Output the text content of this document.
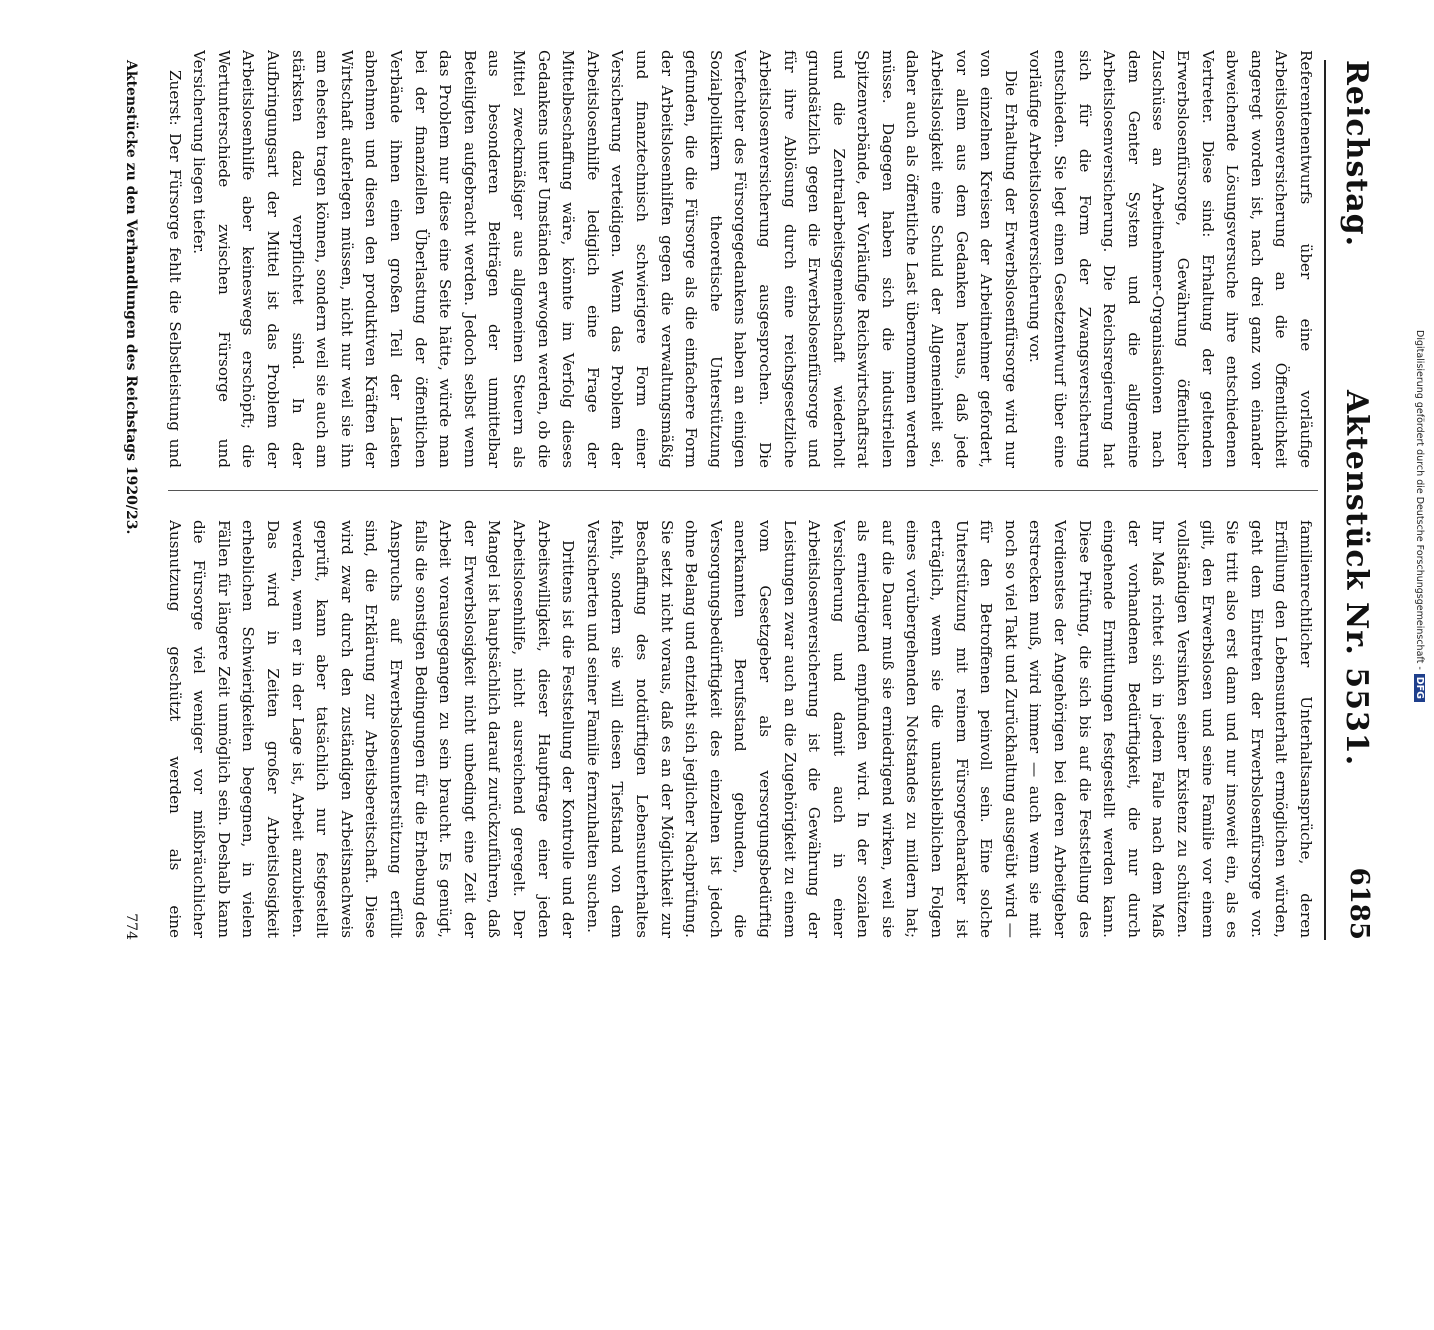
Reichstag.
Aktenstück Nr. 5531.
6185

Referentenentwurfs über eine vorläufige Arbeitslosenversicherung an die Öffentlichkeit angeregt worden ist, nach drei ganz von einander abweichende Lösungsversuche ihre entschiedenen Vertreter. Diese sind: Erhaltung der geltenden Erwerbslosenfürsorge, Gewährung öffentlicher Zuschüsse an Arbeitnehmer-Organisationen nach dem Genter System und die allgemeine Arbeitslosenversicherung. Die Reichsregierung hat sich für die Form der Zwangsversicherung entschieden. Sie legt einen Gesetzentwurf über eine vorläufige Arbeitslosenversicherung vor.

Die Erhaltung der Erwerbslosenfürsorge wird nur von einzelnen Kreisen der Arbeitnehmer gefordert, vor allem aus dem Gedanken heraus, daß jede Arbeitslosigkeit eine Schuld der Allgemeinheit sei, daher auch als öffentliche Last übernommen werden müsse. Dagegen haben sich die industriellen Spitzenverbände, der Vorläufige Reichswirtschaftsrat und die Zentralarbeitsgemeinschaft wiederholt grundsätzlich gegen die Erwerbslosenfürsorge und für ihre Ablösung durch eine reichsgesetzliche Arbeitslosenversicherung ausgesprochen. Die Verfechter des Fürsorgegedankens haben an einigen Sozialpolitikern theoretische Unterstützung gefunden, die die Fürsorge als die einfachere Form der Arbeitslosenhilfen gegen die verwaltungsmäßig und finanztechnisch schwierigere Form einer Versicherung verteidigen. Wenn das Problem der Arbeitslosenhilfe lediglich eine Frage der Mittelbeschaffung wäre, könnte im Verfolg dieses Gedankens unter Umständen erwogen werden, ob die Mittel zweckmäßiger aus allgemeinen Steuern als aus besonderen Beiträgen der unmittelbar Beteiligten aufgebracht werden. Jedoch selbst wenn das Problem nur diese eine Seite hätte, würde man bei der finanziellen Überlastung der öffentlichen Verbände ihnen einen großen Teil der Lasten abnehmen und diesen den produktiven Kräften der Wirtschaft auferlegen müssen, nicht nur weil sie ihn am ehesten tragen können, sondern weil sie auch am stärksten dazu verpflichtet sind. In der Aufbringungsart der Mittel ist das Problem der Arbeitslosenhilfe aber keineswegs erschöpft; die Wertunterschiede zwischen Fürsorge und Versicherung liegen tiefer.

Zuerst: Der Fürsorge fehlt die Selbstleistung und

familienrechtlicher Unterhaltsansprüche, deren Erfüllung den Lebensunterhalt ermöglichen würden, geht dem Eintreten der Erwerbslosenfürsorge vor. Sie tritt also erst dann und nur insoweit ein, als es gilt, den Erwerbslosen und seine Familie vor einem vollständigen Versinken seiner Existenz zu schützen. Ihr Maß richtet sich in jedem Falle nach dem Maß der vorhandenen Bedürftigkeit, die nur durch eingehende Ermittlungen festgestellt werden kann. Diese Prüfung, die sich bis auf die Feststellung des Verdienstes der Angehörigen bei deren Arbeitgeber erstrecken muß, wird immer — auch wenn sie mit noch so viel Takt und Zurückhaltung ausgeübt wird — für den Betroffenen peinvoll sein. Eine solche Unterstützung mit reinem Fürsorgecharakter ist erträglich, wenn sie die unausbleiblichen Folgen eines vorübergehenden Notstandes zu mildern hat; auf die Dauer muß sie erniedrigend wirken, weil sie als erniedrigend empfunden wird. In der sozialen Versicherung und damit auch in einer Arbeitslosenversicherung ist die Gewährung der Leistungen zwar auch an die Zugehörigkeit zu einem vom Gesetzgeber als versorgungsbedürftig anerkannten Berufsstand gebunden, die Versorgungsbedürftigkeit des einzelnen ist jedoch ohne Belang und entzieht sich jeglicher Nachprüfung. Sie setzt nicht voraus, daß es an der Möglichkeit zur Beschaffung des notdürftigen Lebensunterhaltes fehlt, sondern sie will diesen Tiefstand von dem Versicherten und seiner Familie fernzuhalten suchen.

Drittens ist die Feststellung der Kontrolle und der Arbeitswilligkeit, dieser Hauptfrage einer jeden Arbeitslosenhilfe, nicht ausreichend geregelt. Der Mangel ist hauptsächlich darauf zurückzuführen, daß der Erwerbslosigkeit nicht unbedingt eine Zeit der Arbeit vorausgegangen zu sein braucht. Es genügt, falls die sonstigen Bedingungen für die Erhebung des Anspruchs auf Erwerbslosenunterstützung erfüllt sind, die Erklärung zur Arbeitsbereitschaft. Diese wird zwar durch den zuständigen Arbeitsnachweis geprüft, kann aber tatsächlich nur festgestellt werden, wenn er in der Lage ist, Arbeit anzubieten. Das wird in Zeiten großer Arbeitslosigkeit erheblichen Schwierigkeiten begegnen, in vielen Fällen für längere Zeit unmöglich sein. Deshalb kann die Fürsorge viel weniger vor mißbräuchlicher Ausnutzung geschützt werden als eine

Aktenstücke zu den Verhandlungen des Reichstags 1920/23.
774
Digitalisierung gefördert durch die Deutsche Forschungsgemeinschaft -DFG
